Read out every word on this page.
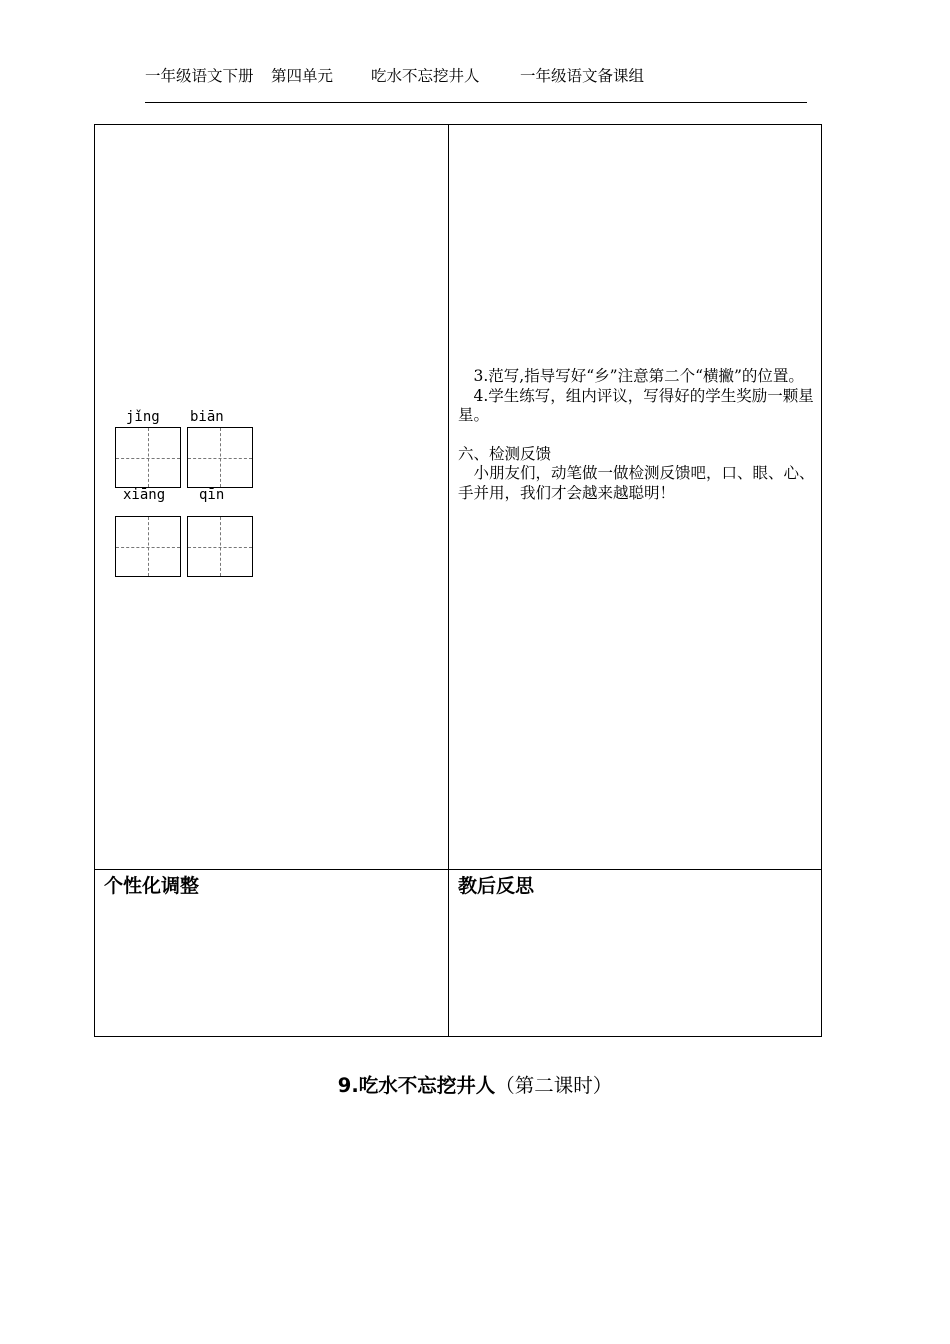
一年级语文下册 第四单元 吃水不忘挖井人	一年级语文备课组
jǐng biān
xiāng qīn

3.范写,指导写好“乡”注意第二个“横撇”的位置。

4.学生练写，组内评议，写得好的学生奖励一颗星星。

六、检测反馈

小朋友们，动笔做一做检测反馈吧，口、眼、心、手并用，我们才会越来越聪明！

个性化调整	教后反思
9.吃水不忘挖井人（第二课时）
